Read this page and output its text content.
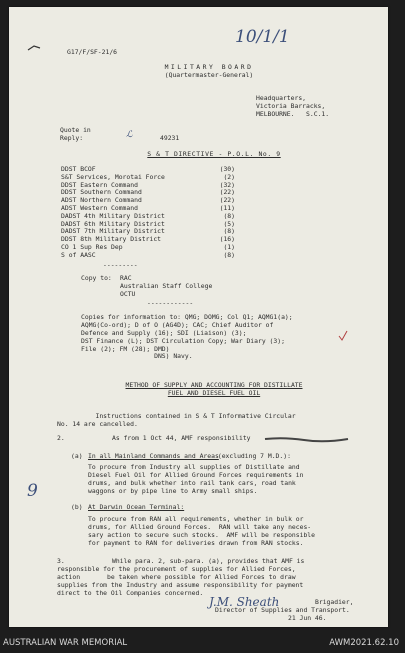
G17/F/SF-21/6

10/1/1

MILITARY BOARD

(Quartermaster-General)

Headquarters,

Victoria Barracks,

MELBOURNE.   S.C.1.

Quote in
Reply:	ℒ	49231

S & T DIRECTIVE - P.O.L. No. 9

DDST BCOF	(30)
S&T Services, Morotai Force	(2)
DDST Eastern Command	(32)
DDST Southern Command	(22)
ADST Northern Command	(22)
ADST Western Command	(11)
DADST 4th Military District	(8)
DADST 6th Military District	(5)
DADST 7th Military District	(8)
DDST 8th Military District	(16)
CO 1 Sup Res Dep	(1)
S of AASC	(8)

---------

Copy to: RAC

Australian Staff College

OCTU

------------

Copies for information to: QMG; DOMG; Col Q1; AQMG1(a);

AQMG(Co-ord); D of O (AG4D); CAC; Chief Auditor of

Defence and Supply (16); SDI (Liaison) (3);

DST Finance (L); DST Circulation Copy; War Diary (3);

File (2); FM (28); DMD)

DNS) Navy.

METHOD OF SUPPLY AND ACCOUNTING FOR DISTILLATE

FUEL AND DIESEL FUEL OIL

Instructions contained in S & T Informative Circular

No. 14 are cancelled.

2.	As from 1 Oct 44, AMF responsibility

(a) In all Mainland Commands and Areas

(excluding 7 M.D.):

To procure from Industry all supplies of Distillate and

Diesel Fuel Oil for Allied Ground Forces requirements in

drums, and bulk whether into rail tank cars, road tank

waggons or by pipe line to Army small ships.

9

(b) At Darwin Ocean Terminal:

To procure from RAN all requirements, whether in bulk or

drums, for Allied Ground Forces.  RAN will take any neces-

sary action to secure such stocks.  AMF will be responsible

for payment to RAN for deliveries drawn from RAN stocks.

3.	While para. 2, sub-para. (a), provides that AMF is

responsible for the procurement of supplies for Allied Forces,

action       be taken where possible for Allied Forces to draw

supplies from the Industry and assume responsibility for payment

direct to the Oil Companies concerned.

J.M. Sheath	Brigadier,

Director of Supplies and Transport.

21 Jun 46.

AUSTRALIAN WAR MEMORIAL	AWM2021.62.10
